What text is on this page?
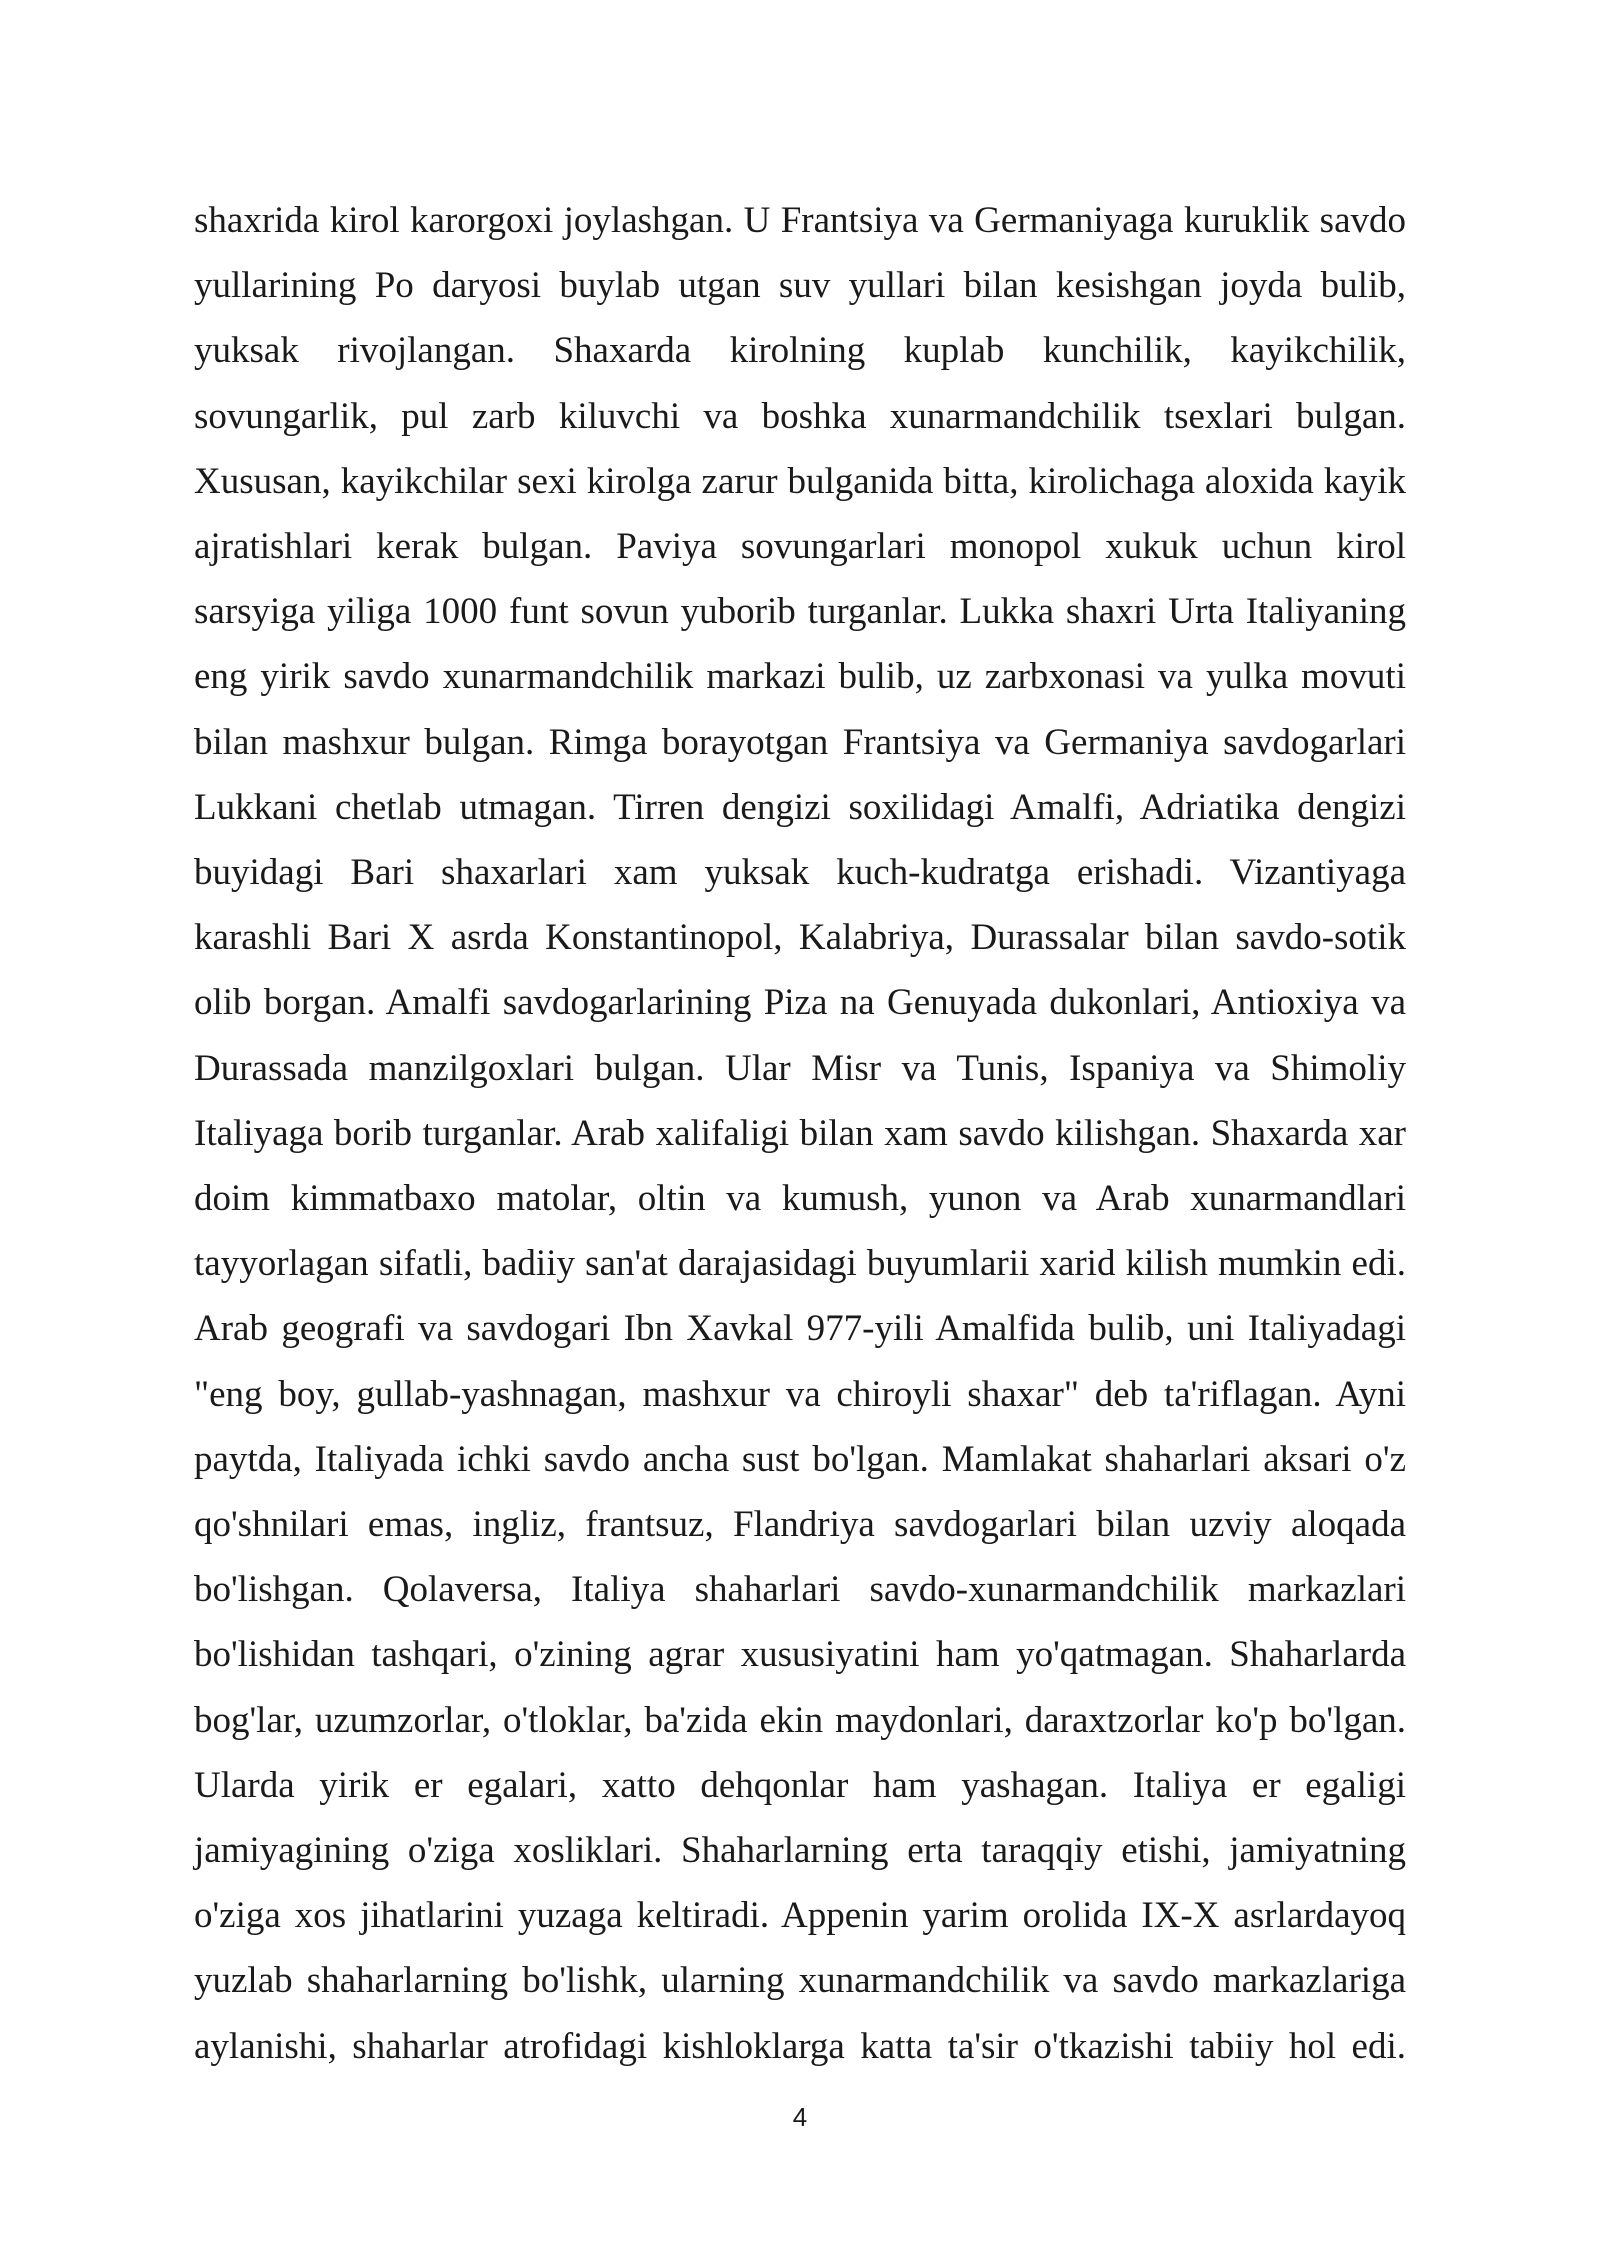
shaxrida kirol karorgoxi joylashgan. U Frantsiya va Germaniyaga kuruklik savdo yullarining Po daryosi buylab utgan suv yullari bilan kesishgan joyda bulib, yuksak rivojlangan. Shaxarda kirolning kuplab kunchilik, kayikchilik, sovungarlik, pul zarb kiluvchi va boshka xunarmandchilik tsexlari bulgan. Xususan, kayikchilar sexi kirolga zarur bulganida bitta, kirolichaga aloxida kayik ajratishlari kerak bulgan. Paviya sovungarlari monopol xukuk uchun kirol sarsyiga yiliga 1000 funt sovun yuborib turganlar. Lukka shaxri Urta Italiyaning eng yirik savdo xunarmandchilik markazi bulib, uz zarbxonasi va yulka movuti bilan mashxur bulgan. Rimga borayotgan Frantsiya va Germaniya savdogarlari Lukkani chetlab utmagan. Tirren dengizi soxilidagi Amalfi, Adriatika dengizi buyidagi Bari shaxarlari xam yuksak kuch-kudratga erishadi. Vizantiyaga karashli Bari X asrda Konstantinopol, Kalabriya, Durassalar bilan savdo-sotik olib borgan. Amalfi savdogarlarining Piza na Genuyada dukonlari, Antioxiya va Durassada manzilgoxlari bulgan. Ular Misr va Tunis, Ispaniya va Shimoliy Italiyaga borib turganlar. Arab xalifaligi bilan xam savdo kilishgan. Shaxarda xar doim kimmatbaxo matolar, oltin va kumush, yunon va Arab xunarmandlari tayyorlagan sifatli, badiiy san'at darajasidagi buyumlarii xarid kilish mumkin edi. Arab geografi va savdogari Ibn Xavkal 977-yili Amalfida bulib, uni Italiyadagi "eng boy, gullab-yashnagan, mashxur va chiroyli shaxar" deb ta'riflagan. Ayni paytda, Italiyada ichki savdo ancha sust bo'lgan. Mamlakat shaharlari aksari o'z qo'shnilari emas, ingliz, frantsuz, Flandriya savdogarlari bilan uzviy aloqada bo'lishgan. Qolaversa, Italiya shaharlari savdo-xunarmandchilik markazlari bo'lishidan tashqari, o'zining agrar xususiyatini ham yo'qatmagan. Shaharlarda bog'lar, uzumzorlar, o'tloklar, ba'zida ekin maydonlari, daraxtzorlar ko'p bo'lgan. Ularda yirik er egalari, xatto dehqonlar ham yashagan. Italiya er egaligi jamiyagining o'ziga xosliklari. Shaharlarning erta taraqqiy etishi, jamiyatning o'ziga xos jihatlarini yuzaga keltiradi. Appenin yarim orolida IX-X asrlardayoq yuzlab shaharlarning bo'lishk, ularning xunarmandchilik va savdo markazlariga aylanishi, shaharlar atrofidagi kishloklarga katta ta'sir o'tkazishi tabiiy hol edi.

4
